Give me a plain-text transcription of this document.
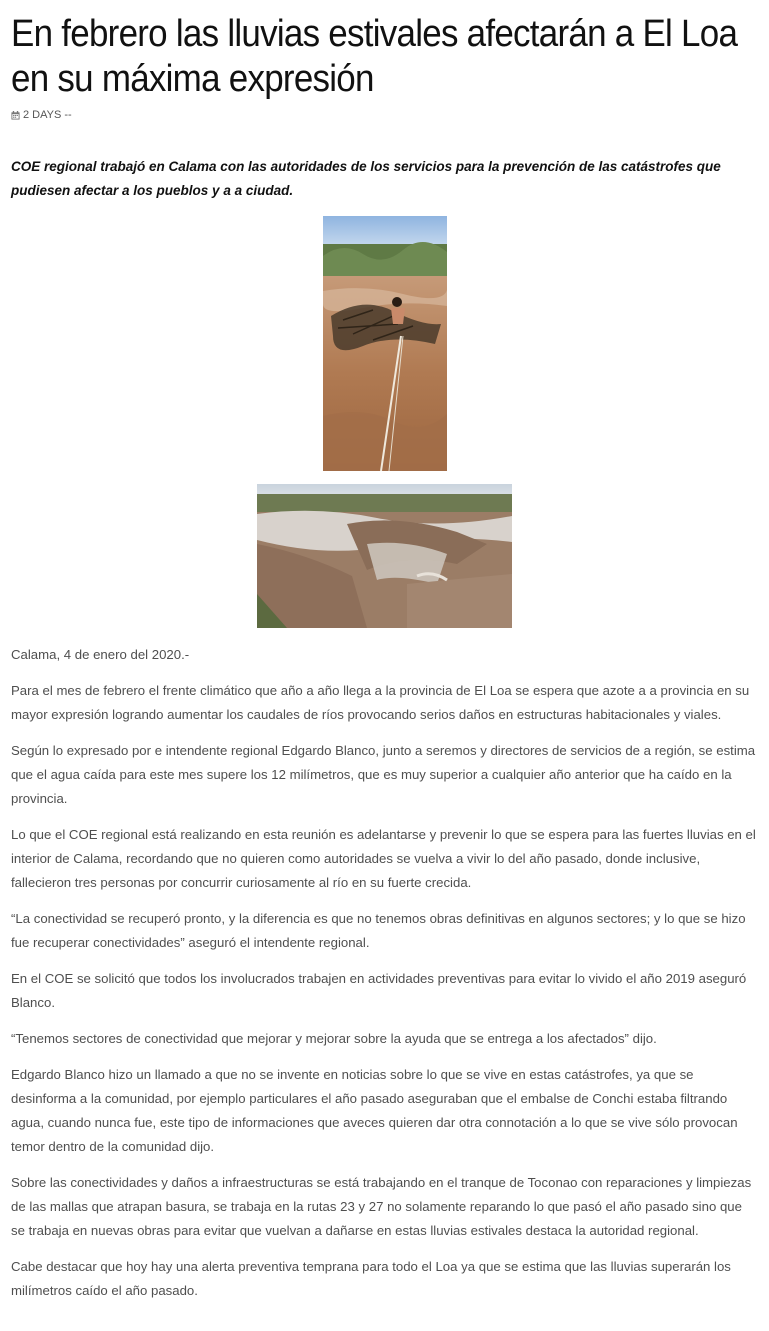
En febrero las lluvias estivales afectarán a El Loa en su máxima expresión
2 DAYS --

COE regional trabajó en Calama con las autoridades de los servicios para la prevención de las catástrofes que pudiesen afectar a los pueblos y a a ciudad.

Calama, 4 de enero del 2020.-

Para el mes de febrero el frente climático que año a año llega a la provincia de El Loa se espera que azote a a provincia en su mayor expresión logrando aumentar los caudales de ríos provocando serios daños en estructuras habitacionales y viales.

Según lo expresado por e intendente regional Edgardo Blanco, junto a seremos y directores de servicios de a región, se estima que el agua caída para este mes supere los 12 milímetros, que es muy superior a cualquier año anterior que ha caído en la provincia.

Lo que el COE regional está realizando en esta reunión es adelantarse y prevenir lo que se espera para las fuertes lluvias en el interior de Calama, recordando que no quieren como autoridades se vuelva a vivir lo del año pasado, donde inclusive, fallecieron tres personas por concurrir curiosamente al río en su fuerte crecida.

“La conectividad se recuperó pronto, y la diferencia es que no tenemos obras definitivas en algunos sectores; y lo que se hizo fue recuperar conectividades” aseguró el intendente regional.

En el COE se solicitó que todos los involucrados trabajen en actividades preventivas para evitar lo vivido el año 2019 aseguró Blanco.

“Tenemos sectores de conectividad que mejorar y mejorar sobre la ayuda que se entrega a los afectados” dijo.

Edgardo Blanco hizo un llamado a que no se invente en noticias sobre lo que se vive en estas catástrofes, ya que se desinforma a la comunidad, por ejemplo particulares el año pasado aseguraban que el embalse de Conchi estaba filtrando agua, cuando nunca fue, este tipo de informaciones que aveces quieren dar otra connotación a lo que se vive sólo provocan temor dentro de la comunidad dijo.

Sobre las conectividades y daños a infraestructuras se está trabajando en el tranque de Toconao con reparaciones y limpiezas de las mallas que atrapan basura, se trabaja en la rutas 23 y 27 no solamente reparando lo que pasó el año pasado sino que se trabaja en nuevas obras para evitar que vuelvan a dañarse en estas lluvias estivales destaca la autoridad regional.

Cabe destacar que hoy hay una alerta preventiva temprana para todo el Loa ya que se estima que las lluvias superarán los milímetros caído el año pasado.
